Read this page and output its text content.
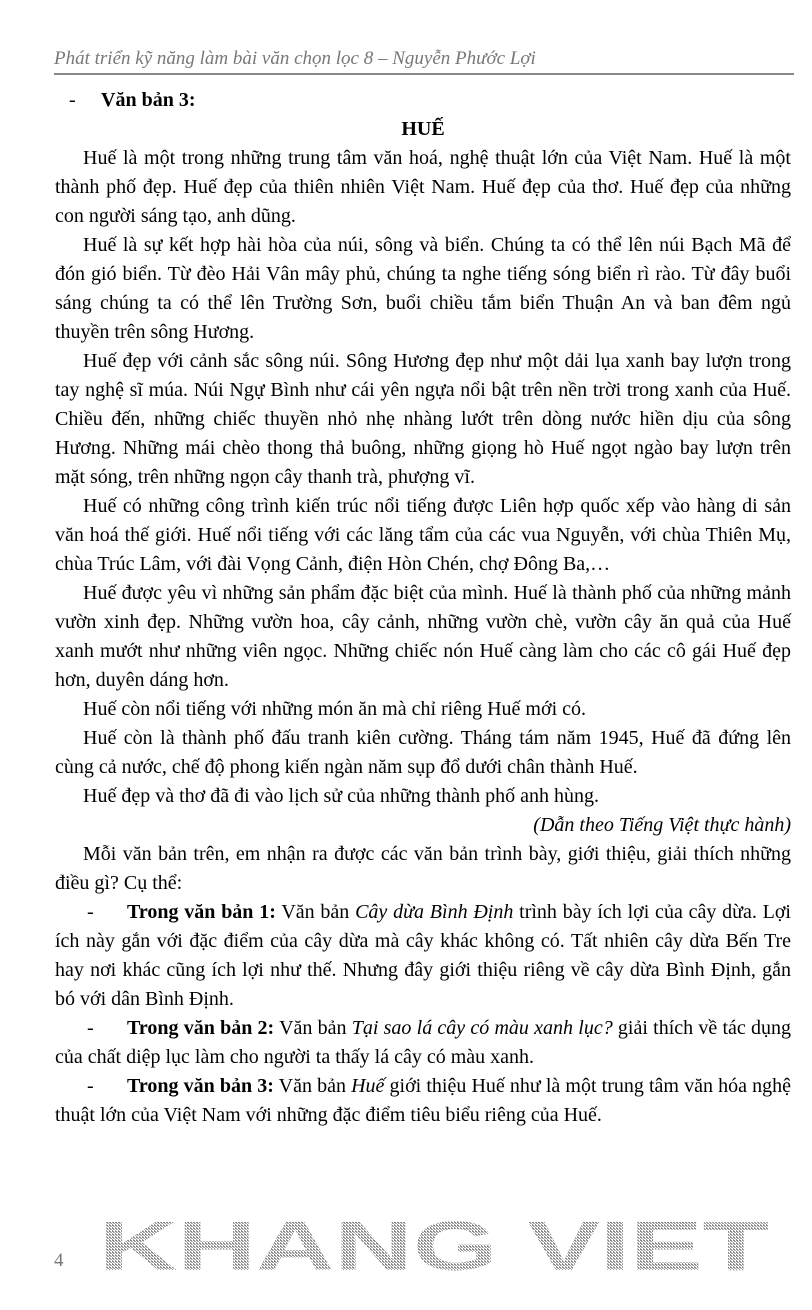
Phát triển kỹ năng làm bài văn chọn lọc 8 – Nguyễn Phước Lợi
- Văn bản 3:
HUẾ

Huế là một trong những trung tâm văn hoá, nghệ thuật lớn của Việt Nam. Huế là một thành phố đẹp. Huế đẹp của thiên nhiên Việt Nam. Huế đẹp của thơ. Huế đẹp của những con người sáng tạo, anh dũng.

Huế là sự kết hợp hài hòa của núi, sông và biển. Chúng ta có thể lên núi Bạch Mã để đón gió biển. Từ đèo Hải Vân mây phủ, chúng ta nghe tiếng sóng biển rì rào. Từ đây buổi sáng chúng ta có thể lên Trường Sơn, buổi chiều tắm biển Thuận An và ban đêm ngủ thuyền trên sông Hương.

Huế đẹp với cảnh sắc sông núi. Sông Hương đẹp như một dải lụa xanh bay lượn trong tay nghệ sĩ múa. Núi Ngự Bình như cái yên ngựa nổi bật trên nền trời trong xanh của Huế. Chiều đến, những chiếc thuyền nhỏ nhẹ nhàng lướt trên dòng nước hiền dịu của sông Hương. Những mái chèo thong thả buông, những giọng hò Huế ngọt ngào bay lượn trên mặt sóng, trên những ngọn cây thanh trà, phượng vĩ.

Huế có những công trình kiến trúc nổi tiếng được Liên hợp quốc xếp vào hàng di sản văn hoá thế giới. Huế nổi tiếng với các lăng tẩm của các vua Nguyễn, với chùa Thiên Mụ, chùa Trúc Lâm, với đài Vọng Cảnh, điện Hòn Chén, chợ Đông Ba,…

Huế được yêu vì những sản phẩm đặc biệt của mình. Huế là thành phố của những mảnh vườn xinh đẹp. Những vườn hoa, cây cảnh, những vườn chè, vườn cây ăn quả của Huế xanh mướt như những viên ngọc. Những chiếc nón Huế càng làm cho các cô gái Huế đẹp hơn, duyên dáng hơn.

Huế còn nổi tiếng với những món ăn mà chỉ riêng Huế mới có.

Huế còn là thành phố đấu tranh kiên cường. Tháng tám năm 1945, Huế đã đứng lên cùng cả nước, chế độ phong kiến ngàn năm sụp đổ dưới chân thành Huế.

Huế đẹp và thơ đã đi vào lịch sử của những thành phố anh hùng.

(Dẫn theo Tiếng Việt thực hành)

Mỗi văn bản trên, em nhận ra được các văn bản trình bày, giới thiệu, giải thích những điều gì? Cụ thể:

- Trong văn bản 1: Văn bản Cây dừa Bình Định trình bày ích lợi của cây dừa. Lợi ích này gắn với đặc điểm của cây dừa mà cây khác không có. Tất nhiên cây dừa Bến Tre hay nơi khác cũng ích lợi như thế. Nhưng đây giới thiệu riêng về cây dừa Bình Định, gắn bó với dân Bình Định.

- Trong văn bản 2: Văn bản Tại sao lá cây có màu xanh lục? giải thích về tác dụng của chất diệp lục làm cho người ta thấy lá cây có màu xanh.

- Trong văn bản 3: Văn bản Huế giới thiệu Huế như là một trung tâm văn hóa nghệ thuật lớn của Việt Nam với những đặc điểm tiêu biểu riêng của Huế.

4 KHANG VIET
